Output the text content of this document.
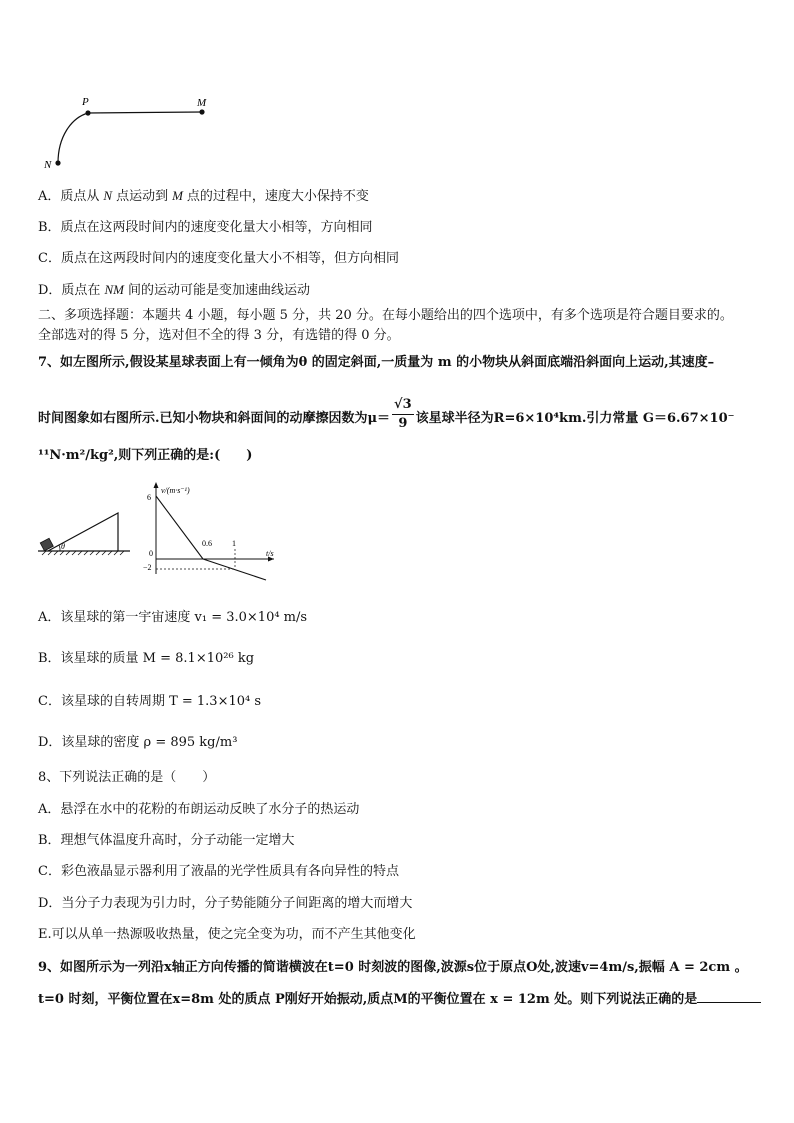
P	M
N
A．质点从 N 点运动到 M 点的过程中，速度大小保持不变
B．质点在这两段时间内的速度变化量大小相等，方向相同
C．质点在这两段时间内的速度变化量大小不相等，但方向相同
D．质点在 NM 间的运动可能是变加速曲线运动
二、多项选择题：本题共 4 小题，每小题 5 分，共 20 分。在每小题给出的四个选项中，有多个选项是符合题目要求的。
全部选对的得 5 分，选对但不全的得 3 分，有选错的得 0 分。
7、如左图所示,假设某星球表面上有一倾角为θ 的固定斜面,一质量为 m 的小物块从斜面底端沿斜面向上运动,其速度–
时间图象如右图所示.已知小物块和斜面间的动摩擦因数为$\mu= \frac{√3}{9}$ 该星球半径为R=6×10⁴km.引力常量 G＝6.67×10⁻
¹¹N·m²/kg²,则下列正确的是:(　　)
θ
v/(m·s⁻¹)
t/s
6
0
−2
0.6	1
A．该星球的第一宇宙速度 v₁ = 3.0×10⁴ m/s
B．该星球的质量 M = 8.1×10²⁶ kg
C．该星球的自转周期 T = 1.3×10⁴ s
D．该星球的密度 ρ = 895 kg/m³
8、下列说法正确的是（　　）
A．悬浮在水中的花粉的布朗运动反映了水分子的热运动
B．理想气体温度升高时，分子动能一定增大
C．彩色液晶显示器利用了液晶的光学性质具有各向异性的特点
D．当分子力表现为引力时，分子势能随分子间距离的增大而增大
E.可以从单一热源吸收热量，使之完全变为功，而不产生其他变化
9、如图所示为一列沿x轴正方向传播的简谐横波在t=0 时刻波的图像,波源s位于原点O处,波速v=4m/s,振幅 A = 2cm 。
t=0 时刻，平衡位置在x=8m 处的质点 P刚好开始振动,质点M的平衡位置在 x = 12m 处。则下列说法正确的是
